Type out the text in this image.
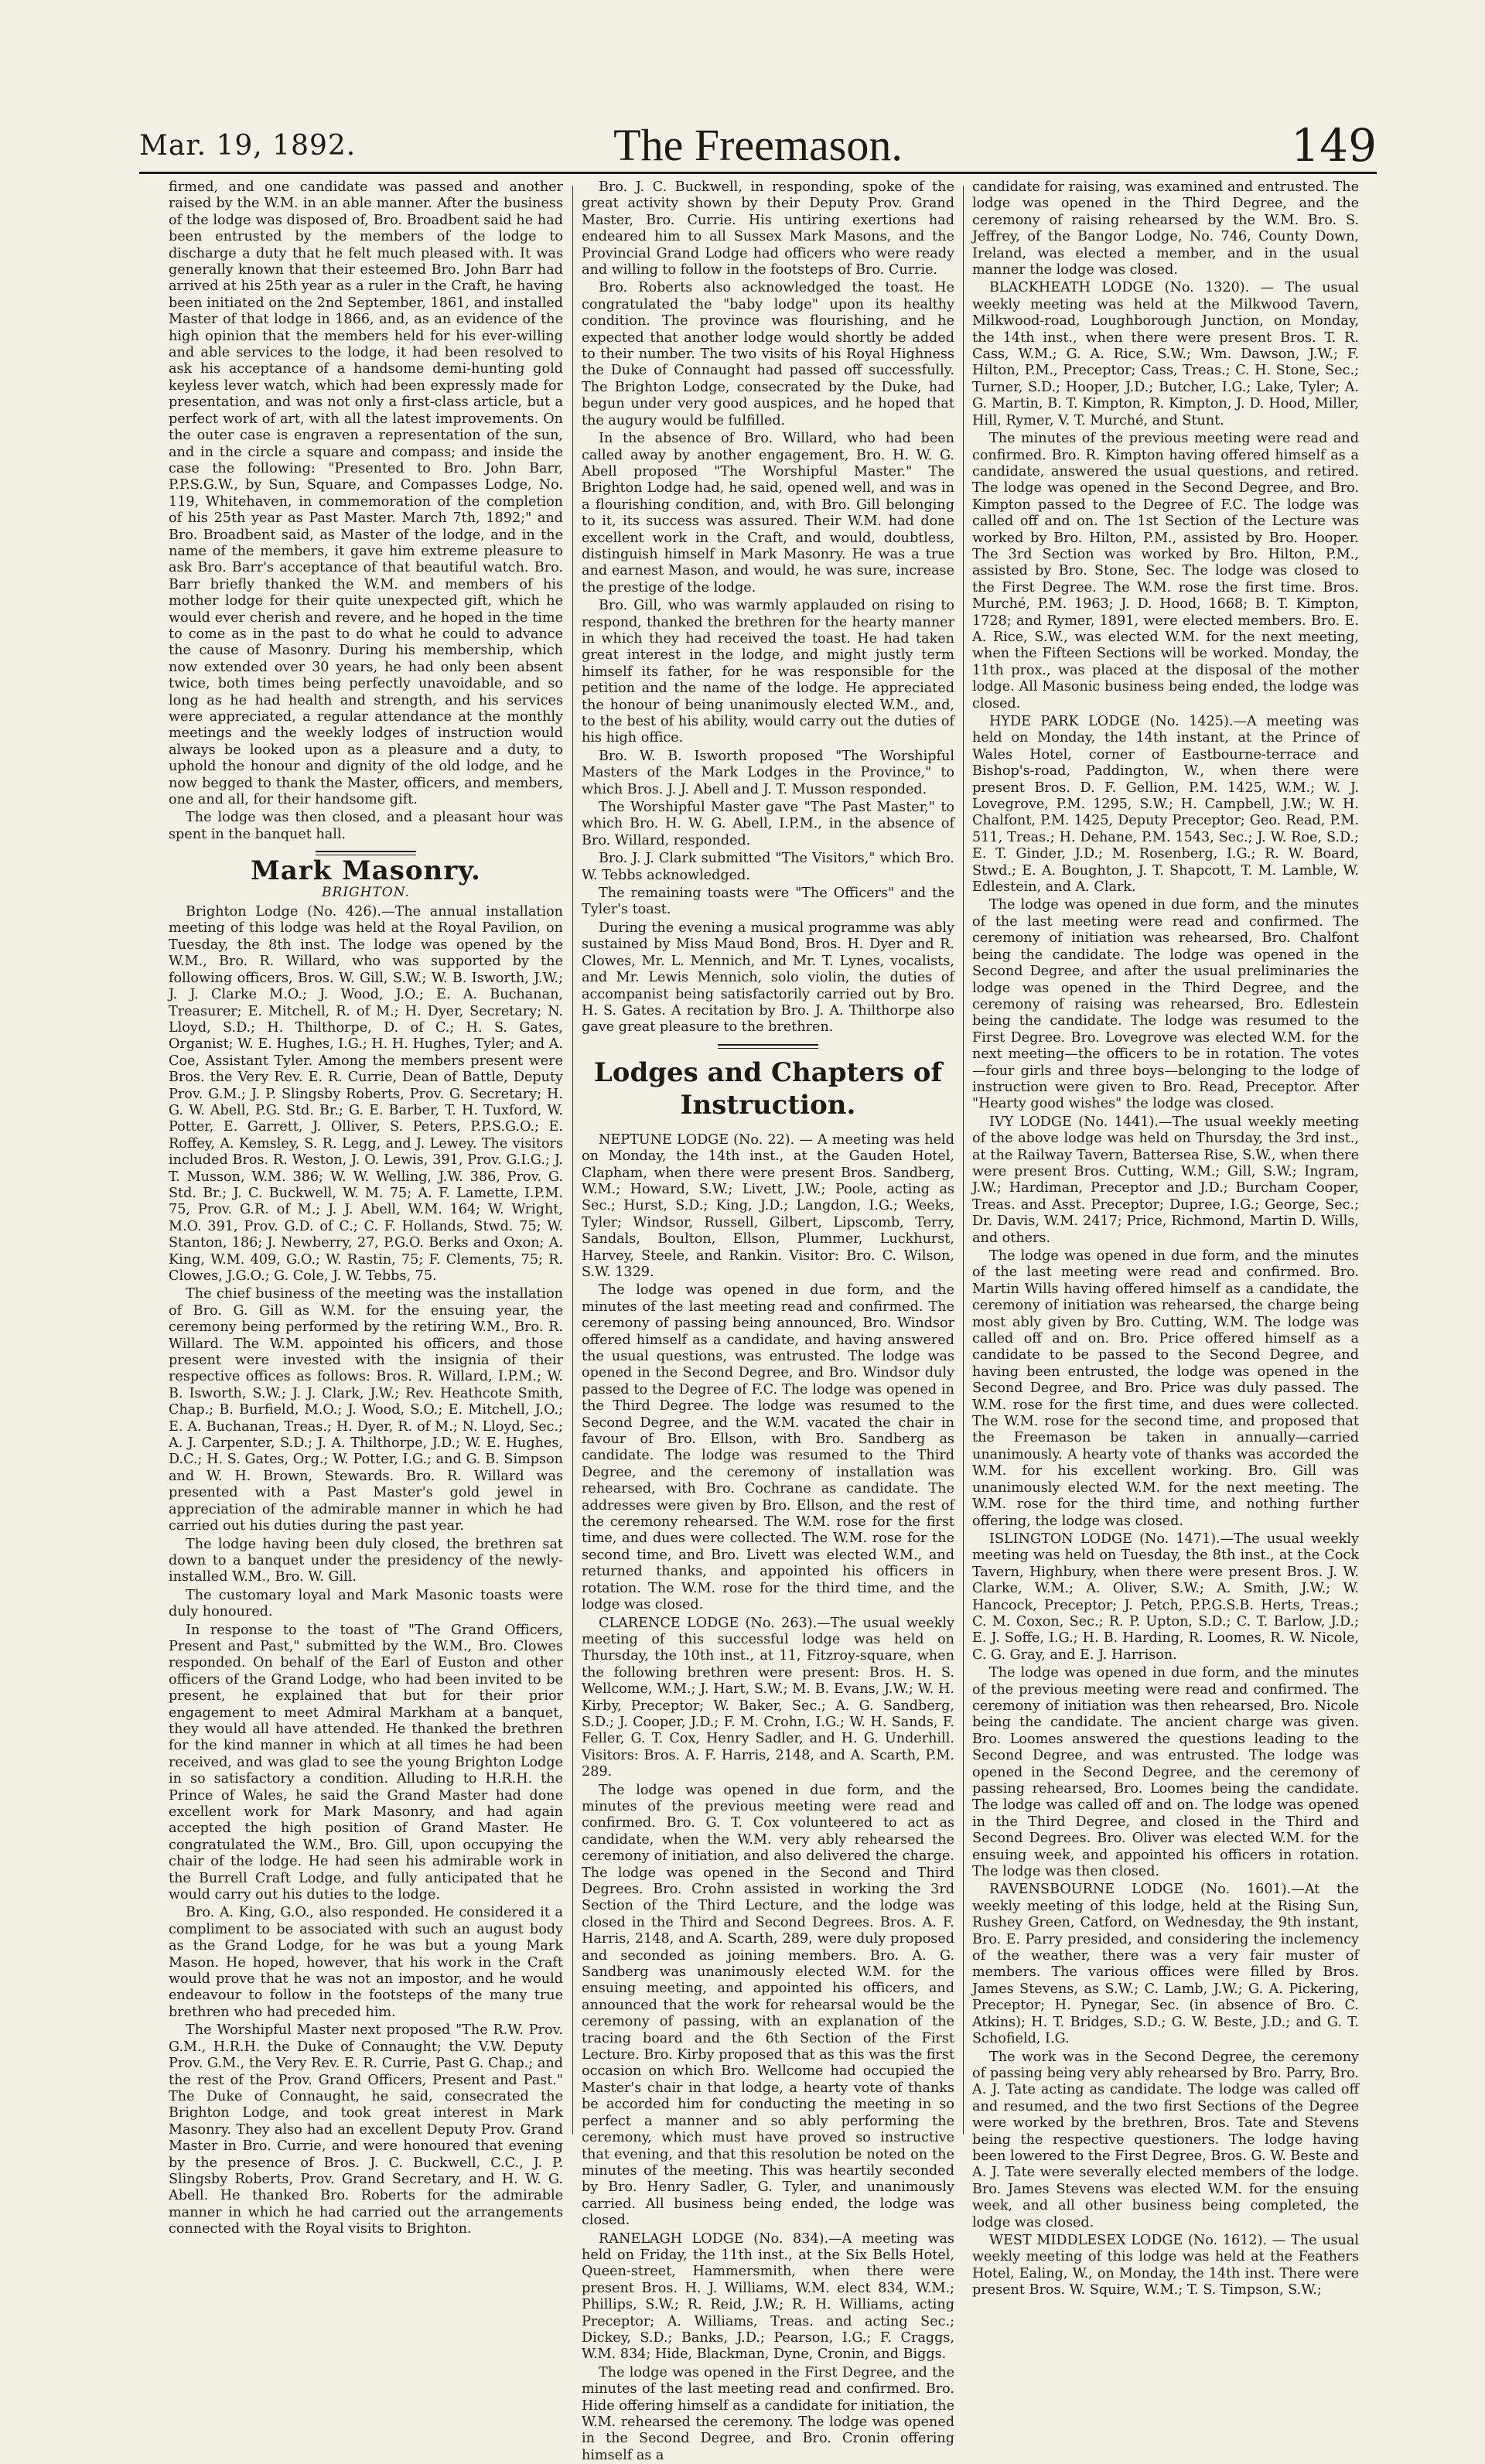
The Freemason.
Mar. 19, 1892.	149

firmed, and one candidate was passed and another raised by the W.M. in an able manner. After the business of the lodge was disposed of, Bro. Broadbent said he had been entrusted by the members of the lodge to discharge a duty that he felt much pleased with. It was generally known that their esteemed Bro. John Barr had arrived at his 25th year as a ruler in the Craft, he having been initiated on the 2nd September, 1861, and installed Master of that lodge in 1866, and, as an evidence of the high opinion that the members held for his ever-willing and able services to the lodge, it had been resolved to ask his acceptance of a handsome demi-hunting gold keyless lever watch, which had been expressly made for presentation, and was not only a first-class article, but a perfect work of art, with all the latest improvements. On the outer case is engraven a representation of the sun, and in the circle a square and compass; and inside the case the following: "Presented to Bro. John Barr, P.P.S.G.W., by Sun, Square, and Compasses Lodge, No. 119, Whitehaven, in commemoration of the completion of his 25th year as Past Master. March 7th, 1892;" and Bro. Broadbent said, as Master of the lodge, and in the name of the members, it gave him extreme pleasure to ask Bro. Barr's acceptance of that beautiful watch. Bro. Barr briefly thanked the W.M. and members of his mother lodge for their quite unexpected gift, which he would ever cherish and revere, and he hoped in the time to come as in the past to do what he could to advance the cause of Masonry. During his membership, which now extended over 30 years, he had only been absent twice, both times being perfectly unavoidable, and so long as he had health and strength, and his services were appreciated, a regular attendance at the monthly meetings and the weekly lodges of instruction would always be looked upon as a pleasure and a duty, to uphold the honour and dignity of the old lodge, and he now begged to thank the Master, officers, and members, one and all, for their handsome gift.

The lodge was then closed, and a pleasant hour was spent in the banquet hall.

Mark Masonry.
BRIGHTON.

Brighton Lodge (No. 426).—The annual installation meeting of this lodge was held at the Royal Pavilion, on Tuesday, the 8th inst. The lodge was opened by the W.M., Bro. R. Willard, who was supported by the following officers, Bros. W. Gill, S.W.; W. B. Isworth, J.W.; J. J. Clarke M.O.; J. Wood, J.O.; E. A. Buchanan, Treasurer; E. Mitchell, R. of M.; H. Dyer, Secretary; N. Lloyd, S.D.; H. Thilthorpe, D. of C.; H. S. Gates, Organist; W. E. Hughes, I.G.; H. H. Hughes, Tyler; and A. Coe, Assistant Tyler. Among the members present were Bros. the Very Rev. E. R. Currie, Dean of Battle, Deputy Prov. G.M.; J. P. Slingsby Roberts, Prov. G. Secretary; H. G. W. Abell, P.G. Std. Br.; G. E. Barber, T. H. Tuxford, W. Potter, E. Garrett, J. Olliver, S. Peters, P.P.S.G.O.; E. Roffey, A. Kemsley, S. R. Legg, and J. Lewey. The visitors included Bros. R. Weston, J. O. Lewis, 391, Prov. G.I.G.; J. T. Musson, W.M. 386; W. W. Welling, J.W. 386, Prov. G. Std. Br.; J. C. Buckwell, W. M. 75; A. F. Lamette, I.P.M. 75, Prov. G.R. of M.; J. J. Abell, W.M. 164; W. Wright, M.O. 391, Prov. G.D. of C.; C. F. Hollands, Stwd. 75; W. Stanton, 186; J. Newberry, 27, P.G.O. Berks and Oxon; A. King, W.M. 409, G.O.; W. Rastin, 75; F. Clements, 75; R. Clowes, J.G.O.; G. Cole, J. W. Tebbs, 75.

The chief business of the meeting was the installation of Bro. G. Gill as W.M. for the ensuing year, the ceremony being performed by the retiring W.M., Bro. R. Willard. The W.M. appointed his officers, and those present were invested with the insignia of their respective offices as follows: Bros. R. Willard, I.P.M.; W. B. Isworth, S.W.; J. J. Clark, J.W.; Rev. Heathcote Smith, Chap.; B. Burfield, M.O.; J. Wood, S.O.; E. Mitchell, J.O.; E. A. Buchanan, Treas.; H. Dyer, R. of M.; N. Lloyd, Sec.; A. J. Carpenter, S.D.; J. A. Thilthorpe, J.D.; W. E. Hughes, D.C.; H. S. Gates, Org.; W. Potter, I.G.; and G. B. Simpson and W. H. Brown, Stewards. Bro. R. Willard was presented with a Past Master's gold jewel in appreciation of the admirable manner in which he had carried out his duties during the past year.

The lodge having been duly closed, the brethren sat down to a banquet under the presidency of the newly-installed W.M., Bro. W. Gill.

The customary loyal and Mark Masonic toasts were duly honoured.

In response to the toast of "The Grand Officers, Present and Past," submitted by the W.M., Bro. Clowes responded. On behalf of the Earl of Euston and other officers of the Grand Lodge, who had been invited to be present, he explained that but for their prior engagement to meet Admiral Markham at a banquet, they would all have attended. He thanked the brethren for the kind manner in which at all times he had been received, and was glad to see the young Brighton Lodge in so satisfactory a condition. Alluding to H.R.H. the Prince of Wales, he said the Grand Master had done excellent work for Mark Masonry, and had again accepted the high position of Grand Master. He congratulated the W.M., Bro. Gill, upon occupying the chair of the lodge. He had seen his admirable work in the Burrell Craft Lodge, and fully anticipated that he would carry out his duties to the lodge.

Bro. A. King, G.O., also responded. He considered it a compliment to be associated with such an august body as the Grand Lodge, for he was but a young Mark Mason. He hoped, however, that his work in the Craft would prove that he was not an impostor, and he would endeavour to follow in the footsteps of the many true brethren who had preceded him.

The Worshipful Master next proposed "The R.W. Prov. G.M., H.R.H. the Duke of Connaught; the V.W. Deputy Prov. G.M., the Very Rev. E. R. Currie, Past G. Chap.; and the rest of the Prov. Grand Officers, Present and Past." The Duke of Connaught, he said, consecrated the Brighton Lodge, and took great interest in Mark Masonry. They also had an excellent Deputy Prov. Grand Master in Bro. Currie, and were honoured that evening by the presence of Bros. J. C. Buckwell, C.C., J. P. Slingsby Roberts, Prov. Grand Secretary, and H. W. G. Abell. He thanked Bro. Roberts for the admirable manner in which he had carried out the arrangements connected with the Royal visits to Brighton.

Bro. J. C. Buckwell, in responding, spoke of the great activity shown by their Deputy Prov. Grand Master, Bro. Currie. His untiring exertions had endeared him to all Sussex Mark Masons, and the Provincial Grand Lodge had officers who were ready and willing to follow in the footsteps of Bro. Currie.

Bro. Roberts also acknowledged the toast. He congratulated the "baby lodge" upon its healthy condition. The province was flourishing, and he expected that another lodge would shortly be added to their number. The two visits of his Royal Highness the Duke of Connaught had passed off successfully. The Brighton Lodge, consecrated by the Duke, had begun under very good auspices, and he hoped that the augury would be fulfilled.

In the absence of Bro. Willard, who had been called away by another engagement, Bro. H. W. G. Abell proposed "The Worshipful Master." The Brighton Lodge had, he said, opened well, and was in a flourishing condition, and, with Bro. Gill belonging to it, its success was assured. Their W.M. had done excellent work in the Craft, and would, doubtless, distinguish himself in Mark Masonry. He was a true and earnest Mason, and would, he was sure, increase the prestige of the lodge.

Bro. Gill, who was warmly applauded on rising to respond, thanked the brethren for the hearty manner in which they had received the toast. He had taken great interest in the lodge, and might justly term himself its father, for he was responsible for the petition and the name of the lodge. He appreciated the honour of being unanimously elected W.M., and, to the best of his ability, would carry out the duties of his high office.

Bro. W. B. Isworth proposed "The Worshipful Masters of the Mark Lodges in the Province," to which Bros. J. J. Abell and J. T. Musson responded.

The Worshipful Master gave "The Past Master," to which Bro. H. W. G. Abell, I.P.M., in the absence of Bro. Willard, responded.

Bro. J. J. Clark submitted "The Visitors," which Bro. W. Tebbs acknowledged.

The remaining toasts were "The Officers" and the Tyler's toast.

During the evening a musical programme was ably sustained by Miss Maud Bond, Bros. H. Dyer and R. Clowes, Mr. L. Mennich, and Mr. T. Lynes, vocalists, and Mr. Lewis Mennich, solo violin, the duties of accompanist being satisfactorily carried out by Bro. H. S. Gates. A recitation by Bro. J. A. Thilthorpe also gave great pleasure to the brethren.

Lodges and Chapters of Instruction.

NEPTUNE LODGE (No. 22). — A meeting was held on Monday, the 14th inst., at the Gauden Hotel, Clapham, when there were present Bros. Sandberg, W.M.; Howard, S.W.; Livett, J.W.; Poole, acting as Sec.; Hurst, S.D.; King, J.D.; Langdon, I.G.; Weeks, Tyler; Windsor, Russell, Gilbert, Lipscomb, Terry, Sandals, Boulton, Ellson, Plummer, Luckhurst, Harvey, Steele, and Rankin. Visitor: Bro. C. Wilson, S.W. 1329.

The lodge was opened in due form, and the minutes of the last meeting read and confirmed. The ceremony of passing being announced, Bro. Windsor offered himself as a candidate, and having answered the usual questions, was entrusted. The lodge was opened in the Second Degree, and Bro. Windsor duly passed to the Degree of F.C. The lodge was opened in the Third Degree. The lodge was resumed to the Second Degree, and the W.M. vacated the chair in favour of Bro. Ellson, with Bro. Sandberg as candidate. The lodge was resumed to the Third Degree, and the ceremony of installation was rehearsed, with Bro. Cochrane as candidate. The addresses were given by Bro. Ellson, and the rest of the ceremony rehearsed. The W.M. rose for the first time, and dues were collected. The W.M. rose for the second time, and Bro. Livett was elected W.M., and returned thanks, and appointed his officers in rotation. The W.M. rose for the third time, and the lodge was closed.

CLARENCE LODGE (No. 263).—The usual weekly meeting of this successful lodge was held on Thursday, the 10th inst., at 11, Fitzroy-square, when the following brethren were present: Bros. H. S. Wellcome, W.M.; J. Hart, S.W.; M. B. Evans, J.W.; W. H. Kirby, Preceptor; W. Baker, Sec.; A. G. Sandberg, S.D.; J. Cooper, J.D.; F. M. Crohn, I.G.; W. H. Sands, F. Feller, G. T. Cox, Henry Sadler, and H. G. Underhill. Visitors: Bros. A. F. Harris, 2148, and A. Scarth, P.M. 289.

The lodge was opened in due form, and the minutes of the previous meeting were read and confirmed. Bro. G. T. Cox volunteered to act as candidate, when the W.M. very ably rehearsed the ceremony of initiation, and also delivered the charge. The lodge was opened in the Second and Third Degrees. Bro. Crohn assisted in working the 3rd Section of the Third Lecture, and the lodge was closed in the Third and Second Degrees. Bros. A. F. Harris, 2148, and A. Scarth, 289, were duly proposed and seconded as joining members. Bro. A. G. Sandberg was unanimously elected W.M. for the ensuing meeting, and appointed his officers, and announced that the work for rehearsal would be the ceremony of passing, with an explanation of the tracing board and the 6th Section of the First Lecture. Bro. Kirby proposed that as this was the first occasion on which Bro. Wellcome had occupied the Master's chair in that lodge, a hearty vote of thanks be accorded him for conducting the meeting in so perfect a manner and so ably performing the ceremony, which must have proved so instructive that evening, and that this resolution be noted on the minutes of the meeting. This was heartily seconded by Bro. Henry Sadler, G. Tyler, and unanimously carried. All business being ended, the lodge was closed.

RANELAGH LODGE (No. 834).—A meeting was held on Friday, the 11th inst., at the Six Bells Hotel, Queen-street, Hammersmith, when there were present Bros. H. J. Williams, W.M. elect 834, W.M.; Phillips, S.W.; R. Reid, J.W.; R. H. Williams, acting Preceptor; A. Williams, Treas. and acting Sec.; Dickey, S.D.; Banks, J.D.; Pearson, I.G.; F. Craggs, W.M. 834; Hide, Blackman, Dyne, Cronin, and Biggs.

The lodge was opened in the First Degree, and the minutes of the last meeting read and confirmed. Bro. Hide offering himself as a candidate for initiation, the W.M. rehearsed the ceremony. The lodge was opened in the Second Degree, and Bro. Cronin offering himself as a

candidate for raising, was examined and entrusted. The lodge was opened in the Third Degree, and the ceremony of raising rehearsed by the W.M. Bro. S. Jeffrey, of the Bangor Lodge, No. 746, County Down, Ireland, was elected a member, and in the usual manner the lodge was closed.

BLACKHEATH LODGE (No. 1320). — The usual weekly meeting was held at the Milkwood Tavern, Milkwood-road, Loughborough Junction, on Monday, the 14th inst., when there were present Bros. T. R. Cass, W.M.; G. A. Rice, S.W.; Wm. Dawson, J.W.; F. Hilton, P.M., Preceptor; Cass, Treas.; C. H. Stone, Sec.; Turner, S.D.; Hooper, J.D.; Butcher, I.G.; Lake, Tyler; A. G. Martin, B. T. Kimpton, R. Kimpton, J. D. Hood, Miller, Hill, Rymer, V. T. Murché, and Stunt.

The minutes of the previous meeting were read and confirmed. Bro. R. Kimpton having offered himself as a candidate, answered the usual questions, and retired. The lodge was opened in the Second Degree, and Bro. Kimpton passed to the Degree of F.C. The lodge was called off and on. The 1st Section of the Lecture was worked by Bro. Hilton, P.M., assisted by Bro. Hooper. The 3rd Section was worked by Bro. Hilton, P.M., assisted by Bro. Stone, Sec. The lodge was closed to the First Degree. The W.M. rose the first time. Bros. Murché, P.M. 1963; J. D. Hood, 1668; B. T. Kimpton, 1728; and Rymer, 1891, were elected members. Bro. E. A. Rice, S.W., was elected W.M. for the next meeting, when the Fifteen Sections will be worked. Monday, the 11th prox., was placed at the disposal of the mother lodge. All Masonic business being ended, the lodge was closed.

HYDE PARK LODGE (No. 1425).—A meeting was held on Monday, the 14th instant, at the Prince of Wales Hotel, corner of Eastbourne-terrace and Bishop's-road, Paddington, W., when there were present Bros. D. F. Gellion, P.M. 1425, W.M.; W. J. Lovegrove, P.M. 1295, S.W.; H. Campbell, J.W.; W. H. Chalfont, P.M. 1425, Deputy Preceptor; Geo. Read, P.M. 511, Treas.; H. Dehane, P.M. 1543, Sec.; J. W. Roe, S.D.; E. T. Ginder, J.D.; M. Rosenberg, I.G.; R. W. Board, Stwd.; E. A. Boughton, J. T. Shapcott, T. M. Lamble, W. Edlestein, and A. Clark.

The lodge was opened in due form, and the minutes of the last meeting were read and confirmed. The ceremony of initiation was rehearsed, Bro. Chalfont being the candidate. The lodge was opened in the Second Degree, and after the usual preliminaries the lodge was opened in the Third Degree, and the ceremony of raising was rehearsed, Bro. Edlestein being the candidate. The lodge was resumed to the First Degree. Bro. Lovegrove was elected W.M. for the next meeting—the officers to be in rotation. The votes—four girls and three boys—belonging to the lodge of instruction were given to Bro. Read, Preceptor. After "Hearty good wishes" the lodge was closed.

IVY LODGE (No. 1441).—The usual weekly meeting of the above lodge was held on Thursday, the 3rd inst., at the Railway Tavern, Battersea Rise, S.W., when there were present Bros. Cutting, W.M.; Gill, S.W.; Ingram, J.W.; Hardiman, Preceptor and J.D.; Burcham Cooper, Treas. and Asst. Preceptor; Dupree, I.G.; George, Sec.; Dr. Davis, W.M. 2417; Price, Richmond, Martin D. Wills, and others.

The lodge was opened in due form, and the minutes of the last meeting were read and confirmed. Bro. Martin Wills having offered himself as a candidate, the ceremony of initiation was rehearsed, the charge being most ably given by Bro. Cutting, W.M. The lodge was called off and on. Bro. Price offered himself as a candidate to be passed to the Second Degree, and having been entrusted, the lodge was opened in the Second Degree, and Bro. Price was duly passed. The W.M. rose for the first time, and dues were collected. The W.M. rose for the second time, and proposed that the Freemason be taken in annually—carried unanimously. A hearty vote of thanks was accorded the W.M. for his excellent working. Bro. Gill was unanimously elected W.M. for the next meeting. The W.M. rose for the third time, and nothing further offering, the lodge was closed.

ISLINGTON LODGE (No. 1471).—The usual weekly meeting was held on Tuesday, the 8th inst., at the Cock Tavern, Highbury, when there were present Bros. J. W. Clarke, W.M.; A. Oliver, S.W.; A. Smith, J.W.; W. Hancock, Preceptor; J. Petch, P.P.G.S.B. Herts, Treas.; C. M. Coxon, Sec.; R. P. Upton, S.D.; C. T. Barlow, J.D.; E. J. Soffe, I.G.; H. B. Harding, R. Loomes, R. W. Nicole, C. G. Gray, and E. J. Harrison.

The lodge was opened in due form, and the minutes of the previous meeting were read and confirmed. The ceremony of initiation was then rehearsed, Bro. Nicole being the candidate. The ancient charge was given. Bro. Loomes answered the questions leading to the Second Degree, and was entrusted. The lodge was opened in the Second Degree, and the ceremony of passing rehearsed, Bro. Loomes being the candidate. The lodge was called off and on. The lodge was opened in the Third Degree, and closed in the Third and Second Degrees. Bro. Oliver was elected W.M. for the ensuing week, and appointed his officers in rotation. The lodge was then closed.

RAVENSBOURNE LODGE (No. 1601).—At the weekly meeting of this lodge, held at the Rising Sun, Rushey Green, Catford, on Wednesday, the 9th instant, Bro. E. Parry presided, and considering the inclemency of the weather, there was a very fair muster of members. The various offices were filled by Bros. James Stevens, as S.W.; C. Lamb, J.W.; G. A. Pickering, Preceptor; H. Pynegar, Sec. (in absence of Bro. C. Atkins); H. T. Bridges, S.D.; G. W. Beste, J.D.; and G. T. Schofield, I.G.

The work was in the Second Degree, the ceremony of passing being very ably rehearsed by Bro. Parry, Bro. A. J. Tate acting as candidate. The lodge was called off and resumed, and the two first Sections of the Degree were worked by the brethren, Bros. Tate and Stevens being the respective questioners. The lodge having been lowered to the First Degree, Bros. G. W. Beste and A. J. Tate were severally elected members of the lodge. Bro. James Stevens was elected W.M. for the ensuing week, and all other business being completed, the lodge was closed.

WEST MIDDLESEX LODGE (No. 1612). — The usual weekly meeting of this lodge was held at the Feathers Hotel, Ealing, W., on Monday, the 14th inst. There were present Bros. W. Squire, W.M.; T. S. Timpson, S.W.;
